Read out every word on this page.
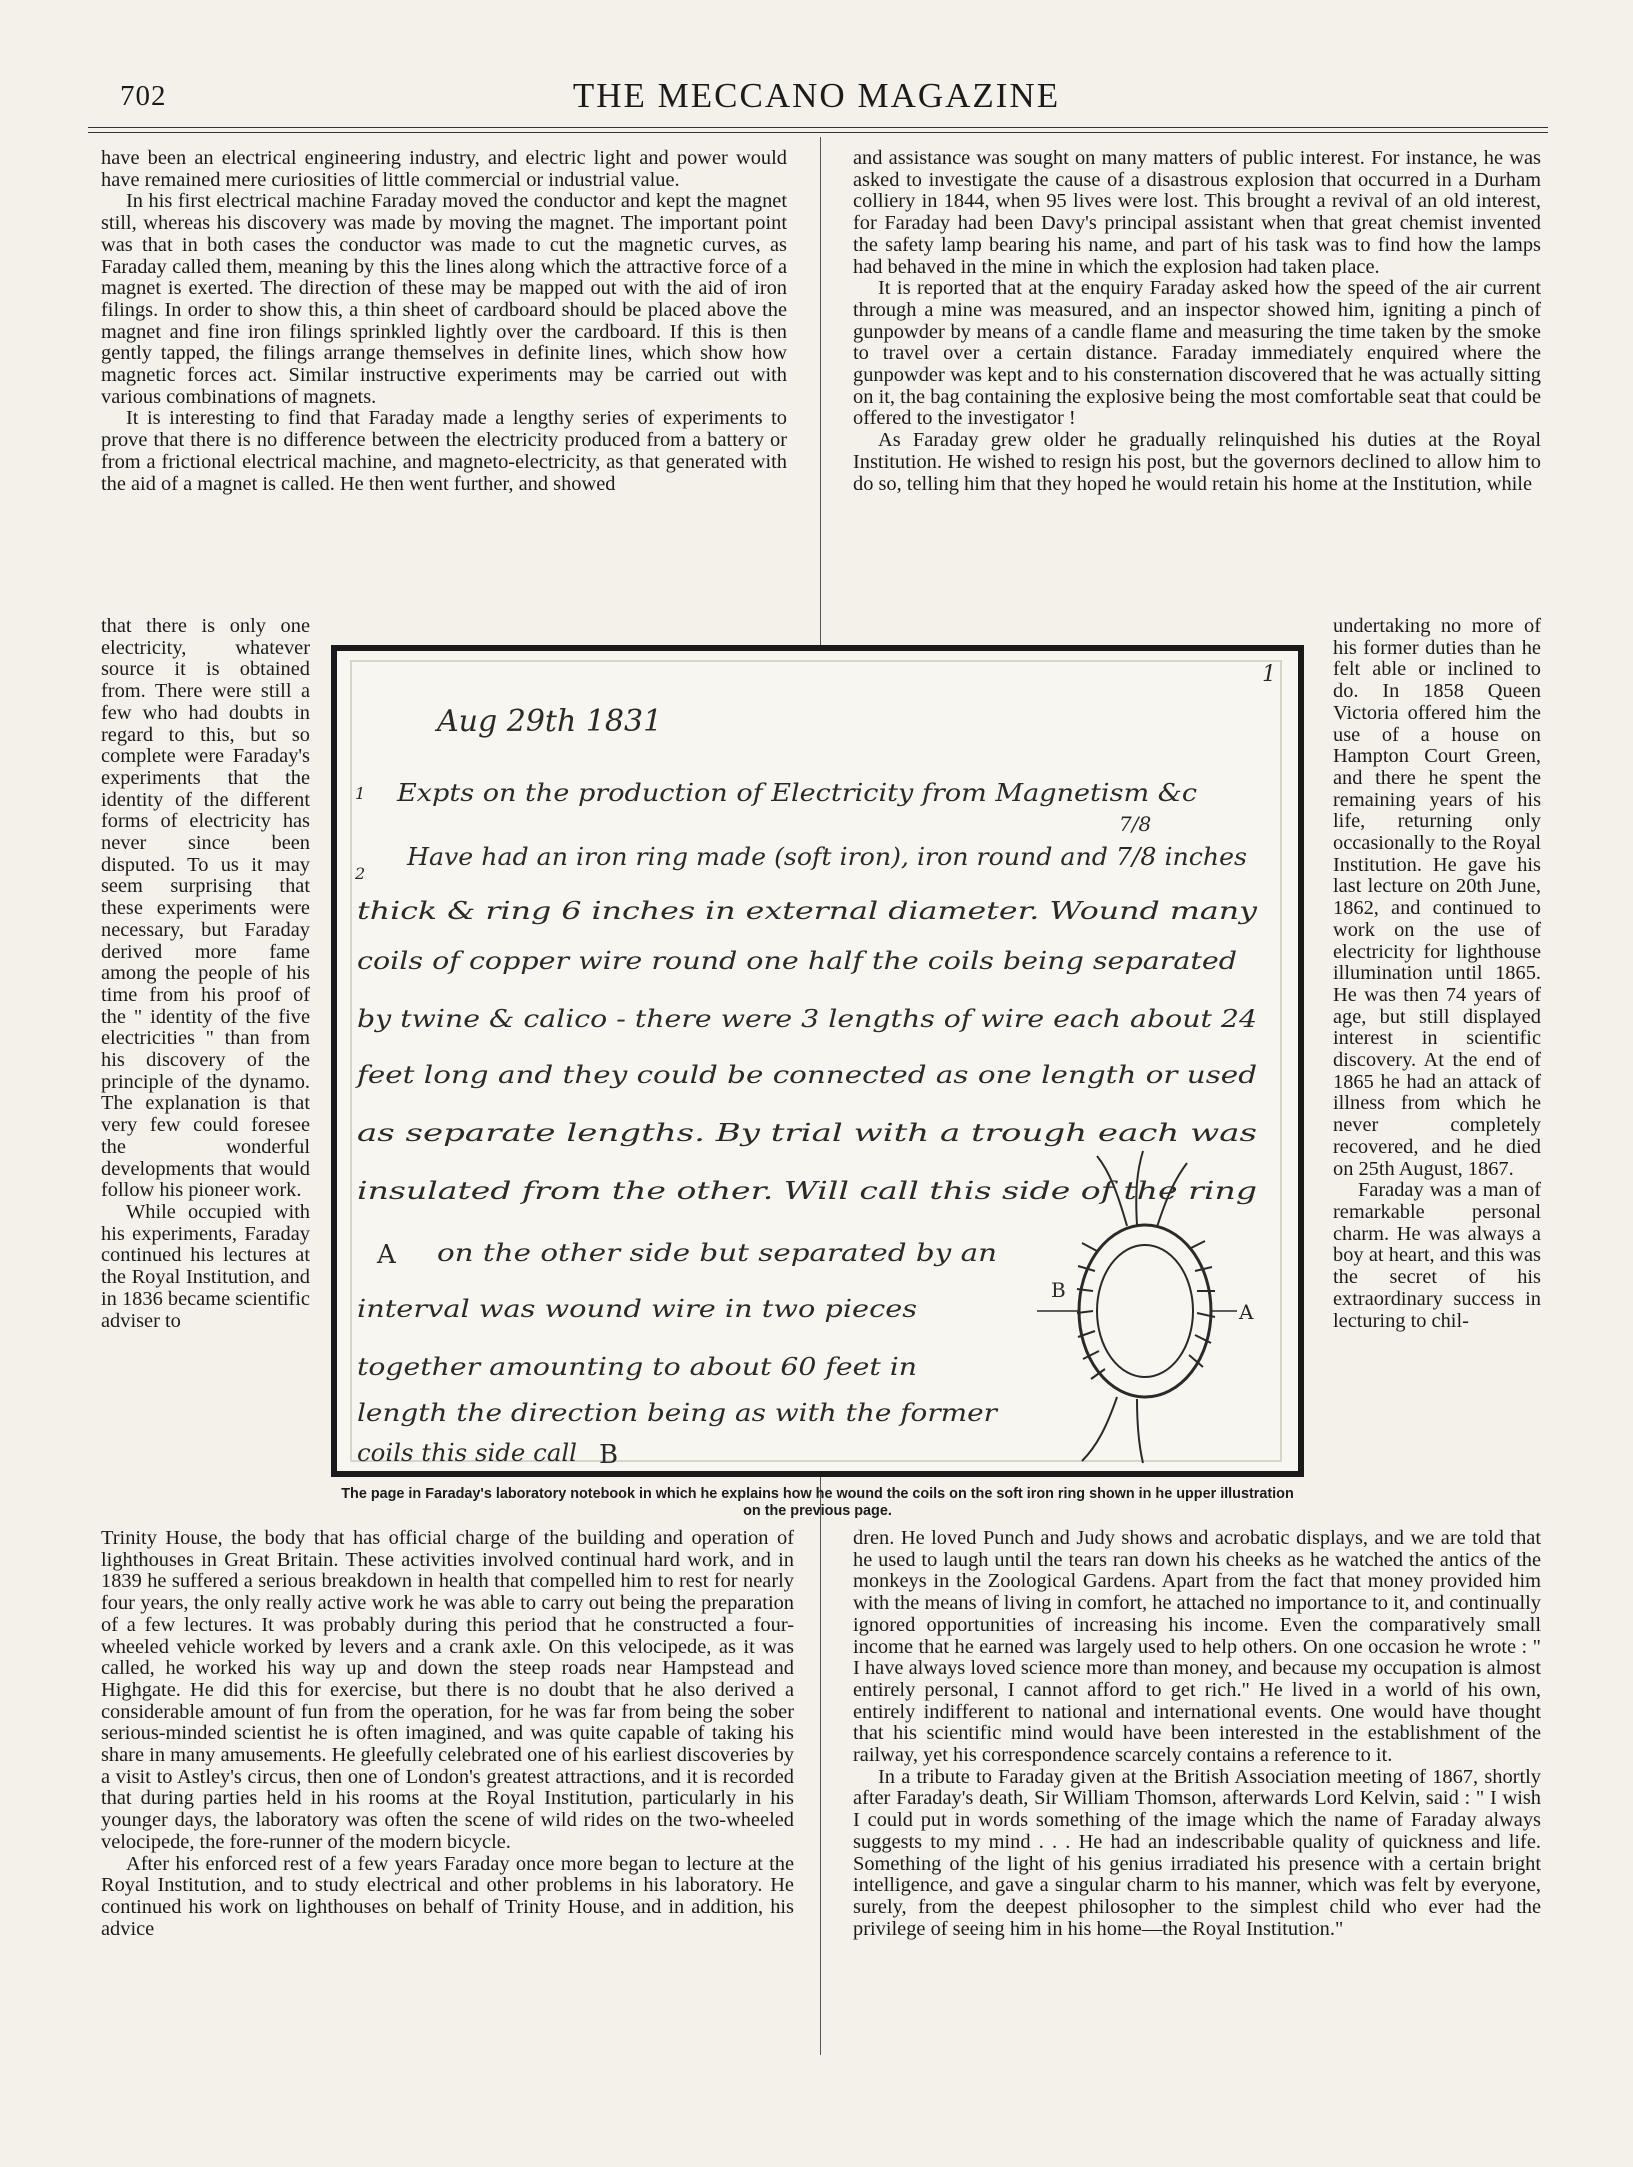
702	THE MECCANO MAGAZINE

have been an electrical engineering industry, and electric light and power would have remained mere curiosities of little commercial or industrial value.

In his first electrical machine Faraday moved the conductor and kept the magnet still, whereas his discovery was made by moving the magnet. The important point was that in both cases the conductor was made to cut the magnetic curves, as Faraday called them, meaning by this the lines along which the attractive force of a magnet is exerted. The direction of these may be mapped out with the aid of iron filings. In order to show this, a thin sheet of cardboard should be placed above the magnet and fine iron filings sprinkled lightly over the cardboard. If this is then gently tapped, the filings arrange themselves in definite lines, which show how magnetic forces act. Similar instructive experiments may be carried out with various combinations of magnets.

It is interesting to find that Faraday made a lengthy series of experiments to prove that there is no difference between the electricity produced from a battery or from a frictional electrical machine, and magneto-electricity, as that generated with the aid of a magnet is called. He then went further, and showed

that there is only one electricity, whatever source it is obtained from. There were still a few who had doubts in regard to this, but so complete were Faraday's experiments that the identity of the different forms of electricity has never since been disputed. To us it may seem surprising that these experiments were necessary, but Faraday derived more fame among the people of his time from his proof of the " identity of the five electricities " than from his discovery of the principle of the dynamo. The explanation is that very few could foresee the wonderful developments that would follow his pioneer work.

While occupied with his experiments, Faraday continued his lectures at the Royal Institution, and in 1836 became scientific adviser to

Trinity House, the body that has official charge of the building and operation of lighthouses in Great Britain. These activities involved continual hard work, and in 1839 he suffered a serious breakdown in health that compelled him to rest for nearly four years, the only really active work he was able to carry out being the preparation of a few lectures. It was probably during this period that he constructed a four-wheeled vehicle worked by levers and a crank axle. On this velocipede, as it was called, he worked his way up and down the steep roads near Hampstead and Highgate. He did this for exercise, but there is no doubt that he also derived a considerable amount of fun from the operation, for he was far from being the sober serious-minded scientist he is often imagined, and was quite capable of taking his share in many amusements. He gleefully celebrated one of his earliest discoveries by a visit to Astley's circus, then one of London's greatest attractions, and it is recorded that during parties held in his rooms at the Royal Institution, particularly in his younger days, the laboratory was often the scene of wild rides on the two-wheeled velocipede, the fore-runner of the modern bicycle.

After his enforced rest of a few years Faraday once more began to lecture at the Royal Institution, and to study electrical and other problems in his laboratory. He continued his work on lighthouses on behalf of Trinity House, and in addition, his advice

and assistance was sought on many matters of public interest. For instance, he was asked to investigate the cause of a disastrous explosion that occurred in a Durham colliery in 1844, when 95 lives were lost. This brought a revival of an old interest, for Faraday had been Davy's principal assistant when that great chemist invented the safety lamp bearing his name, and part of his task was to find how the lamps had behaved in the mine in which the explosion had taken place.

It is reported that at the enquiry Faraday asked how the speed of the air current through a mine was measured, and an inspector showed him, igniting a pinch of gunpowder by means of a candle flame and measuring the time taken by the smoke to travel over a certain distance. Faraday immediately enquired where the gunpowder was kept and to his consternation discovered that he was actually sitting on it, the bag containing the explosive being the most comfortable seat that could be offered to the investigator !

As Faraday grew older he gradually relinquished his duties at the Royal Institution. He wished to resign his post, but the governors declined to allow him to do so, telling him that they hoped he would retain his home at the Institution, while

undertaking no more of his former duties than he felt able or inclined to do. In 1858 Queen Victoria offered him the use of a house on Hampton Court Green, and there he spent the remaining years of his life, returning only occasionally to the Royal Institution. He gave his last lecture on 20th June, 1862, and continued to work on the use of electricity for lighthouse illumination until 1865. He was then 74 years of age, but still displayed interest in scientific discovery. At the end of 1865 he had an attack of illness from which he never completely recovered, and he died on 25th August, 1867.

Faraday was a man of remarkable personal charm. He was always a boy at heart, and this was the secret of his extraordinary success in lecturing to chil-

dren. He loved Punch and Judy shows and acrobatic displays, and we are told that he used to laugh until the tears ran down his cheeks as he watched the antics of the monkeys in the Zoological Gardens. Apart from the fact that money provided him with the means of living in comfort, he attached no importance to it, and continually ignored opportunities of increasing his income. Even the comparatively small income that he earned was largely used to help others. On one occasion he wrote : " I have always loved science more than money, and because my occupation is almost entirely personal, I cannot afford to get rich." He lived in a world of his own, entirely indifferent to national and international events. One would have thought that his scientific mind would have been interested in the establishment of the railway, yet his correspondence scarcely contains a reference to it.

In a tribute to Faraday given at the British Association meeting of 1867, shortly after Faraday's death, Sir William Thomson, afterwards Lord Kelvin, said : " I wish I could put in words something of the image which the name of Faraday always suggests to my mind . . . He had an indescribable quality of quickness and life. Something of the light of his genius irradiated his presence with a certain bright intelligence, and gave a singular charm to his manner, which was felt by everyone, surely, from the deepest philosopher to the simplest child who ever had the privilege of seeing him in his home—the Royal Institution."

Aug 29th 1831
1
1
2
7/8
Expts on the production of Electricity from Magnetism &c
Have had an iron ring made (soft iron), iron round and 7/8 inches
thick & ring 6 inches in external diameter. Wound many
coils of copper wire round one half the coils being separated
by twine & calico - there were 3 lengths of wire each about 24
feet long and they could be connected as one length or used
as separate lengths. By trial with a trough each was
insulated from the other. Will call this side of the ring
A on the other side but separated by an
interval was wound wire in two pieces
together amounting to about 60 feet in
length the direction being as with the former
coils this side call B
B
A
The page in Faraday's laboratory notebook in which he explains how he wound the coils on the soft iron ring shown in he upper illustration on the previous page.
